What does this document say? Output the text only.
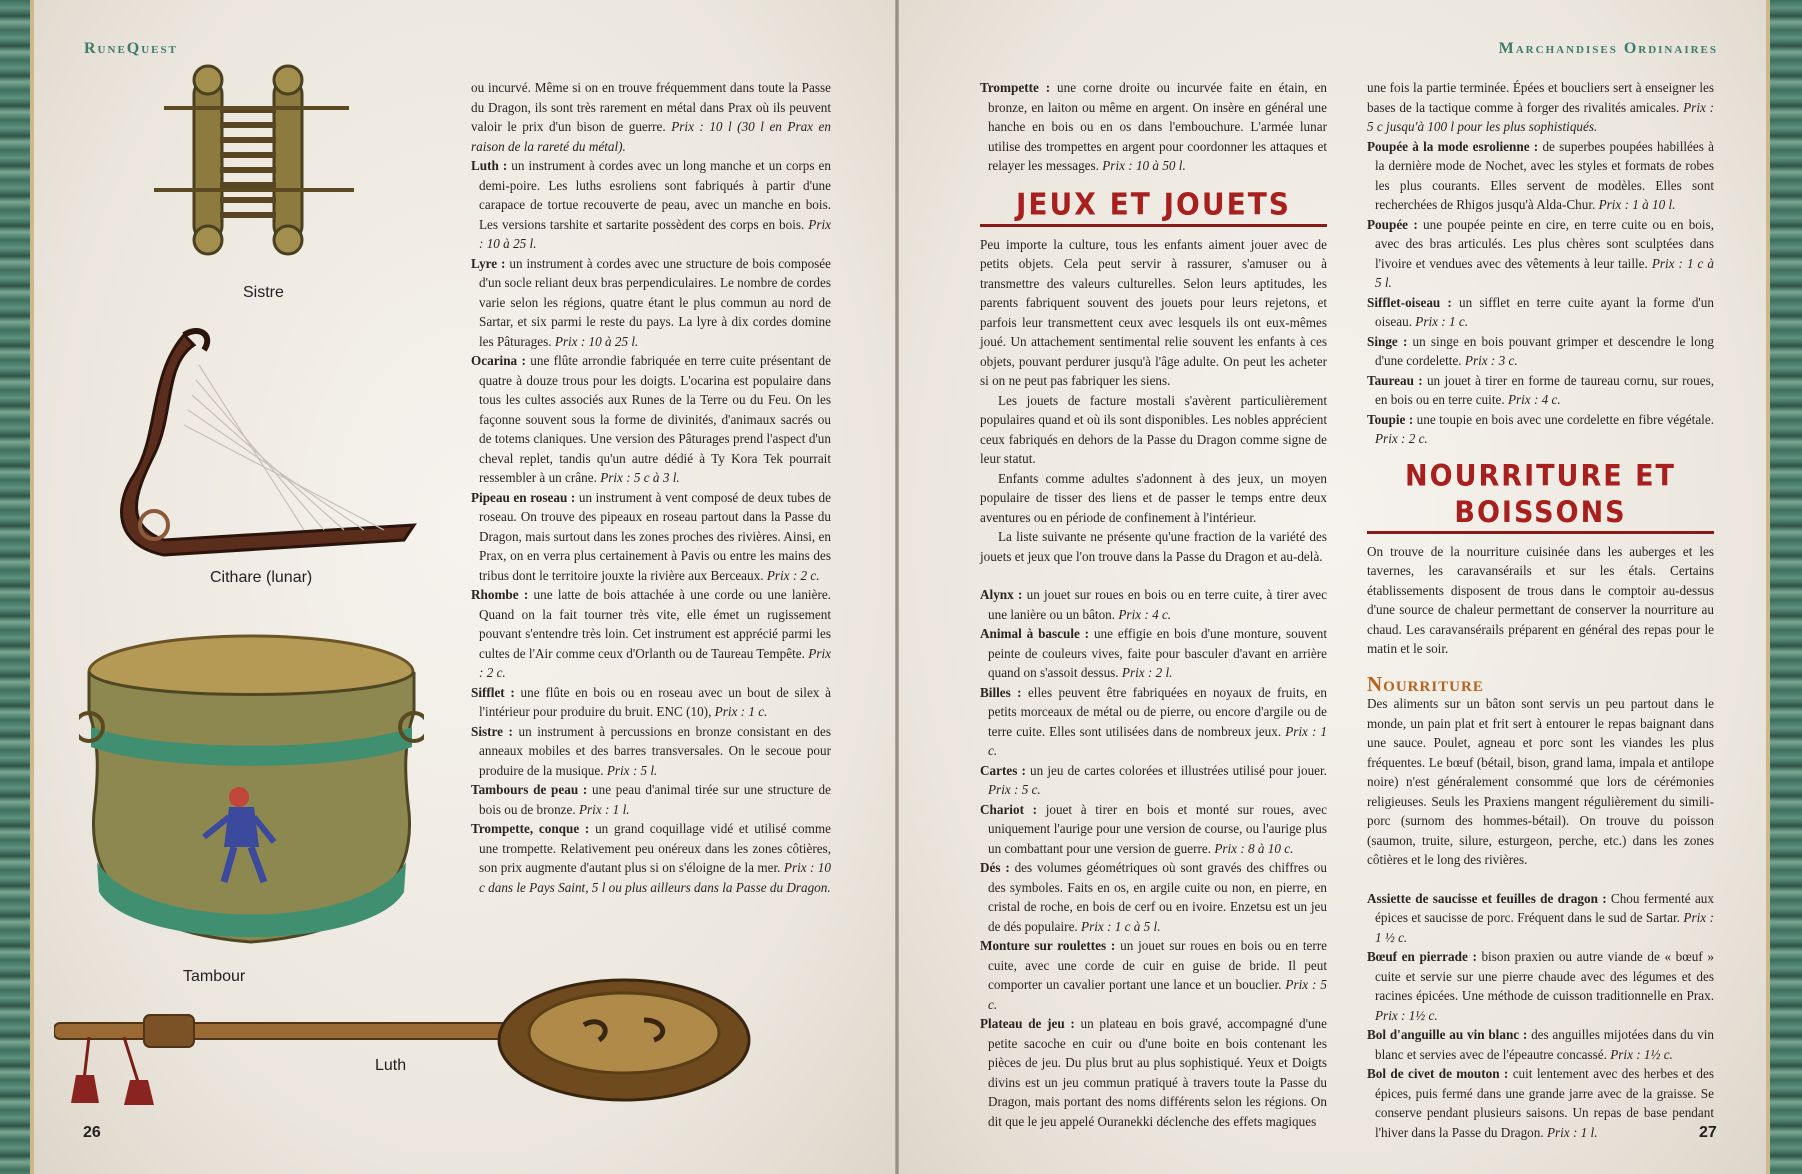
RuneQuest
Sistre
Cithare (lunar)
Tambour
Luth

ou incurvé. Même si on en trouve fréquemment dans toute la Passe du Dragon, ils sont très rarement en métal dans Prax où ils peuvent valoir le prix d'un bison de guerre. Prix : 10 l (30 l en Prax en raison de la rareté du métal).

Luth : un instrument à cordes avec un long manche et un corps en demi-poire. Les luths esroliens sont fabriqués à partir d'une carapace de tortue recouverte de peau, avec un manche en bois. Les versions tarshite et sartarite possèdent des corps en bois. Prix : 10 à 25 l.

Lyre : un instrument à cordes avec une structure de bois composée d'un socle reliant deux bras perpendiculaires. Le nombre de cordes varie selon les régions, quatre étant le plus commun au nord de Sartar, et six parmi le reste du pays. La lyre à dix cordes domine les Pâturages. Prix : 10 à 25 l.

Ocarina : une flûte arrondie fabriquée en terre cuite présentant de quatre à douze trous pour les doigts. L'ocarina est populaire dans tous les cultes associés aux Runes de la Terre ou du Feu. On les façonne souvent sous la forme de divinités, d'animaux sacrés ou de totems claniques. Une version des Pâturages prend l'aspect d'un cheval replet, tandis qu'un autre dédié à Ty Kora Tek pourrait ressembler à un crâne. Prix : 5 c à 3 l.

Pipeau en roseau : un instrument à vent composé de deux tubes de roseau. On trouve des pipeaux en roseau partout dans la Passe du Dragon, mais surtout dans les zones proches des rivières. Ainsi, en Prax, on en verra plus certainement à Pavis ou entre les mains des tribus dont le territoire jouxte la rivière aux Berceaux. Prix : 2 c.

Rhombe : une latte de bois attachée à une corde ou une lanière. Quand on la fait tourner très vite, elle émet un rugissement pouvant s'entendre très loin. Cet instrument est apprécié parmi les cultes de l'Air comme ceux d'Orlanth ou de Taureau Tempête. Prix : 2 c.

Sifflet : une flûte en bois ou en roseau avec un bout de silex à l'intérieur pour produire du bruit. ENC (10), Prix : 1 c.

Sistre : un instrument à percussions en bronze consistant en des anneaux mobiles et des barres transversales. On le secoue pour produire de la musique. Prix : 5 l.

Tambours de peau : une peau d'animal tirée sur une structure de bois ou de bronze. Prix : 1 l.

Trompette, conque : un grand coquillage vidé et utilisé comme une trompette. Relativement peu onéreux dans les zones côtières, son prix augmente d'autant plus si on s'éloigne de la mer. Prix : 10 c dans le Pays Saint, 5 l ou plus ailleurs dans la Passe du Dragon.

26
Marchandises Ordinaires

Trompette : une corne droite ou incurvée faite en étain, en bronze, en laiton ou même en argent. On insère en général une hanche en bois ou en os dans l'embouchure. L'armée lunar utilise des trompettes en argent pour coordonner les attaques et relayer les messages. Prix : 10 à 50 l.

JEUX ET JOUETS

Peu importe la culture, tous les enfants aiment jouer avec de petits objets. Cela peut servir à rassurer, s'amuser ou à transmettre des valeurs culturelles. Selon leurs aptitudes, les parents fabriquent souvent des jouets pour leurs rejetons, et parfois leur transmettent ceux avec lesquels ils ont eux-mêmes joué. Un attachement sentimental relie souvent les enfants à ces objets, pouvant perdurer jusqu'à l'âge adulte. On peut les acheter si on ne peut pas fabriquer les siens.

Les jouets de facture mostali s'avèrent particulièrement populaires quand et où ils sont disponibles. Les nobles apprécient ceux fabriqués en dehors de la Passe du Dragon comme signe de leur statut.

Enfants comme adultes s'adonnent à des jeux, un moyen populaire de tisser des liens et de passer le temps entre deux aventures ou en période de confinement à l'intérieur.

La liste suivante ne présente qu'une fraction de la variété des jouets et jeux que l'on trouve dans la Passe du Dragon et au-delà.

Alynx : un jouet sur roues en bois ou en terre cuite, à tirer avec une lanière ou un bâton. Prix : 4 c.

Animal à bascule : une effigie en bois d'une monture, souvent peinte de couleurs vives, faite pour basculer d'avant en arrière quand on s'assoit dessus. Prix : 2 l.

Billes : elles peuvent être fabriquées en noyaux de fruits, en petits morceaux de métal ou de pierre, ou encore d'argile ou de terre cuite. Elles sont utilisées dans de nombreux jeux. Prix : 1 c.

Cartes : un jeu de cartes colorées et illustrées utilisé pour jouer. Prix : 5 c.

Chariot : jouet à tirer en bois et monté sur roues, avec uniquement l'aurige pour une version de course, ou l'aurige plus un combattant pour une version de guerre. Prix : 8 à 10 c.

Dés : des volumes géométriques où sont gravés des chiffres ou des symboles. Faits en os, en argile cuite ou non, en pierre, en cristal de roche, en bois de cerf ou en ivoire. Enzetsu est un jeu de dés populaire. Prix : 1 c à 5 l.

Monture sur roulettes : un jouet sur roues en bois ou en terre cuite, avec une corde de cuir en guise de bride. Il peut comporter un cavalier portant une lance et un bouclier. Prix : 5 c.

Plateau de jeu : un plateau en bois gravé, accompagné d'une petite sacoche en cuir ou d'une boite en bois contenant les pièces de jeu. Du plus brut au plus sophistiqué. Yeux et Doigts divins est un jeu commun pratiqué à travers toute la Passe du Dragon, mais portant des noms différents selon les régions. On dit que le jeu appelé Ouranekki déclenche des effets magiques

une fois la partie terminée. Épées et boucliers sert à enseigner les bases de la tactique comme à forger des rivalités amicales. Prix : 5 c jusqu'à 100 l pour les plus sophistiqués.

Poupée à la mode esrolienne : de superbes poupées habillées à la dernière mode de Nochet, avec les styles et formats de robes les plus courants. Elles servent de modèles. Elles sont recherchées de Rhigos jusqu'à Alda-Chur. Prix : 1 à 10 l.

Poupée : une poupée peinte en cire, en terre cuite ou en bois, avec des bras articulés. Les plus chères sont sculptées dans l'ivoire et vendues avec des vêtements à leur taille. Prix : 1 c à 5 l.

Sifflet-oiseau : un sifflet en terre cuite ayant la forme d'un oiseau. Prix : 1 c.

Singe : un singe en bois pouvant grimper et descendre le long d'une cordelette. Prix : 3 c.

Taureau : un jouet à tirer en forme de taureau cornu, sur roues, en bois ou en terre cuite. Prix : 4 c.

Toupie : une toupie en bois avec une cordelette en fibre végétale. Prix : 2 c.

NOURRITURE ET BOISSONS

On trouve de la nourriture cuisinée dans les auberges et les tavernes, les caravansérails et sur les étals. Certains établissements disposent de trous dans le comptoir au-dessus d'une source de chaleur permettant de conserver la nourriture au chaud. Les caravansérails préparent en général des repas pour le matin et le soir.

Nourriture

Des aliments sur un bâton sont servis un peu partout dans le monde, un pain plat et frit sert à entourer le repas baignant dans une sauce. Poulet, agneau et porc sont les viandes les plus fréquentes. Le bœuf (bétail, bison, grand lama, impala et antilope noire) n'est généralement consommé que lors de cérémonies religieuses. Seuls les Praxiens mangent régulièrement du simili-porc (surnom des hommes-bétail). On trouve du poisson (saumon, truite, silure, esturgeon, perche, etc.) dans les zones côtières et le long des rivières.

Assiette de saucisse et feuilles de dragon : Chou fermenté aux épices et saucisse de porc. Fréquent dans le sud de Sartar. Prix : 1 ½ c.

Bœuf en pierrade : bison praxien ou autre viande de « bœuf » cuite et servie sur une pierre chaude avec des légumes et des racines épicées. Une méthode de cuisson traditionnelle en Prax. Prix : 1½ c.

Bol d'anguille au vin blanc : des anguilles mijotées dans du vin blanc et servies avec de l'épeautre concassé. Prix : 1½ c.

Bol de civet de mouton : cuit lentement avec des herbes et des épices, puis fermé dans une grande jarre avec de la graisse. Se conserve pendant plusieurs saisons. Un repas de base pendant l'hiver dans la Passe du Dragon. Prix : 1 l.	27
